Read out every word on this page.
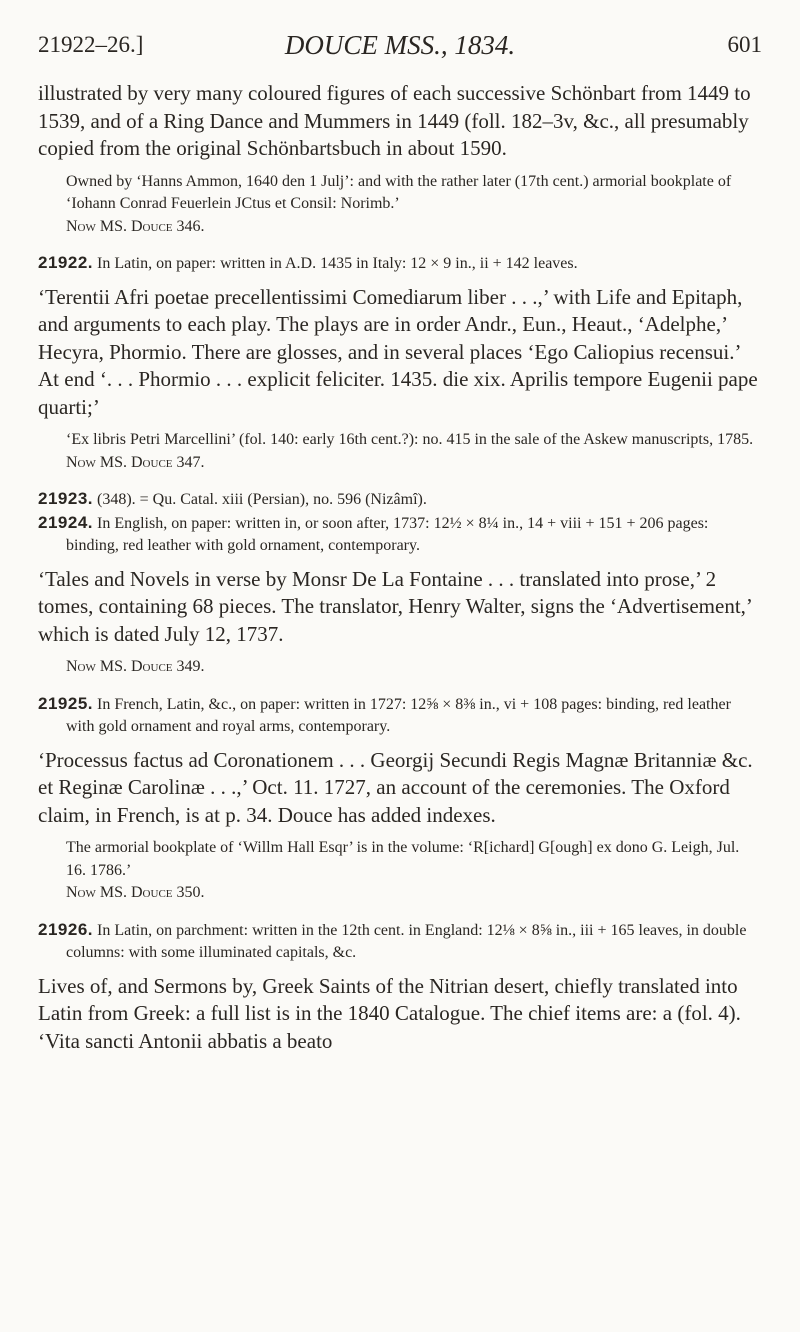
21922–26.]	DOUCE MSS., 1834.	601

illustrated by very many coloured figures of each successive Schönbart from 1449 to 1539, and of a Ring Dance and Mummers in 1449 (foll. 182–3v, &c., all presumably copied from the original Schönbartsbuch in about 1590.

Owned by ‘Hanns Ammon, 1640 den 1 Julj’: and with the rather later (17th cent.) armorial bookplate of ‘Iohann Conrad Feuerlein JCtus et Consil: Norimb.’

Now MS. Douce 346.

21922. In Latin, on paper: written in A.D. 1435 in Italy: 12 × 9 in., ii + 142 leaves.

‘Terentii Afri poetae precellentissimi Comediarum liber . . .,’ with Life and Epitaph, and arguments to each play. The plays are in order Andr., Eun., Heaut., ‘Adelphe,’ Hecyra, Phormio. There are glosses, and in several places ‘Ego Caliopius recensui.’ At end ‘. . . Phormio . . . explicit feliciter. 1435. die xix. Aprilis tempore Eugenii pape quarti;’

‘Ex libris Petri Marcellini’ (fol. 140: early 16th cent.?): no. 415 in the sale of the Askew manuscripts, 1785.

Now MS. Douce 347.

21923. (348). = Qu. Catal. xiii (Persian), no. 596 (Nizâmî).

21924. In English, on paper: written in, or soon after, 1737: 12½ × 8¼ in., 14 + viii + 151 + 206 pages: binding, red leather with gold ornament, contemporary.

‘Tales and Novels in verse by Monsr De La Fontaine . . . translated into prose,’ 2 tomes, containing 68 pieces. The translator, Henry Walter, signs the ‘Advertisement,’ which is dated July 12, 1737.

Now MS. Douce 349.

21925. In French, Latin, &c., on paper: written in 1727: 12⅝ × 8⅜ in., vi + 108 pages: binding, red leather with gold ornament and royal arms, contemporary.

‘Processus factus ad Coronationem . . . Georgij Secundi Regis Magnæ Britanniæ &c. et Reginæ Carolinæ . . .,’ Oct. 11. 1727, an account of the ceremonies. The Oxford claim, in French, is at p. 34. Douce has added indexes.

The armorial bookplate of ‘Willm Hall Esqr’ is in the volume: ‘R[ichard] G[ough] ex dono G. Leigh, Jul. 16. 1786.’

Now MS. Douce 350.

21926. In Latin, on parchment: written in the 12th cent. in England: 12⅛ × 8⅝ in., iii + 165 leaves, in double columns: with some illuminated capitals, &c.

Lives of, and Sermons by, Greek Saints of the Nitrian desert, chiefly translated into Latin from Greek: a full list is in the 1840 Catalogue. The chief items are: a (fol. 4). ‘Vita sancti Antonii abbatis a beato
